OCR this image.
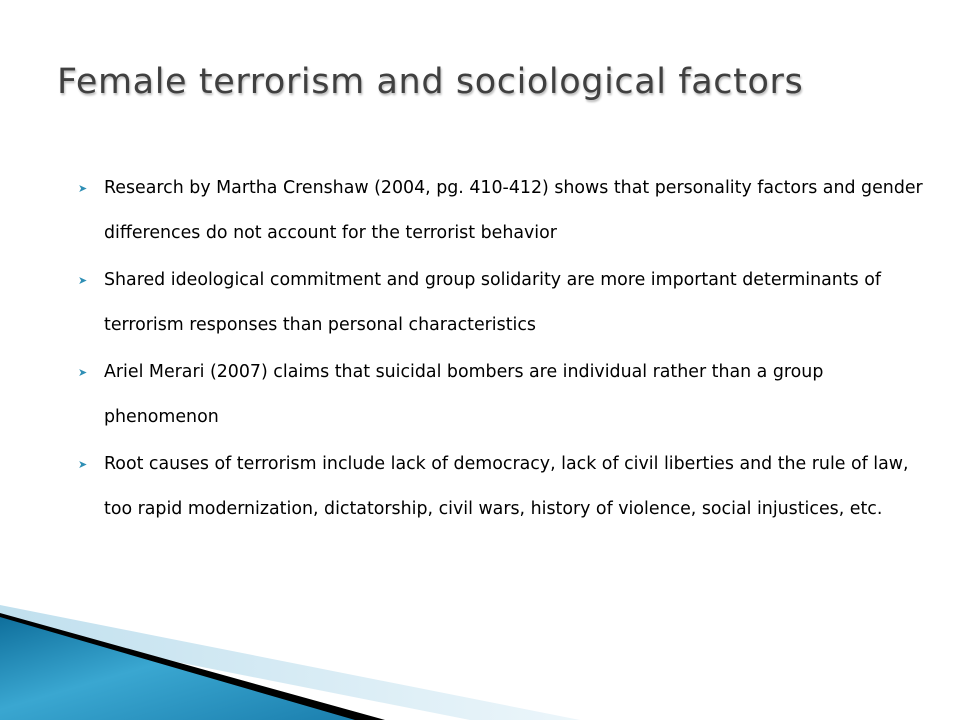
Female terrorism and sociological factors
➤ Research by Martha Crenshaw (2004, pg. 410-412) shows that personality factors and gender differences do not account for the terrorist behavior
➤ Shared ideological commitment and group solidarity are more important determinants of terrorism responses than personal characteristics
➤ Ariel Merari (2007) claims that suicidal bombers are individual rather than a group phenomenon
➤ Root causes of terrorism include lack of democracy, lack of civil liberties and the rule of law, too rapid modernization, dictatorship, civil wars, history of violence, social injustices, etc.
